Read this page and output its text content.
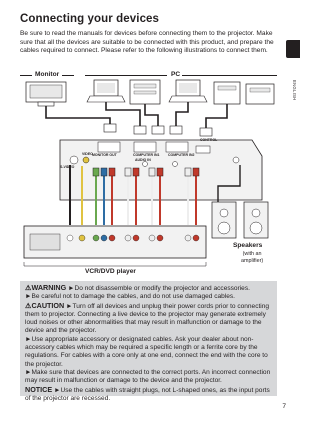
Connecting your devices

Be sure to read the manuals for devices before connecting them to the projector. Make sure that all the devices are suitable to be connected with this product, and prepare the cables required to connect. Please refer to the following illustrations to connect them.

ENGLISH
Monitor	PC
MONITOR OUT	COMPUTER IN1 COMPUTER IN2
CONTROL
S-VIDEO
VIDEO
AUDIO IN
Speakers
(with an
amplifier)
VCR/DVD player

⚠WARNING ►Do not disassemble or modify the projector and accessories.

►Be careful not to damage the cables, and do not use damaged cables.

⚠CAUTION ►Turn off all devices and unplug their power cords prior to connecting them to projector. Connecting a live device to the projector may generate extremely loud noises or other abnormalities that may result in malfunction or damage to the device and the projector.

►Use appropriate accessory or designated cables. Ask your dealer about non-accessory cables which may be required a specific length or a ferrite core by the regulations. For cables with a core only at one end, connect the end with the core to the projector.

►Make sure that devices are connected to the correct ports. An incorrect connection may result in malfunction or damage to the device and the projector.

NOTICE ►Use the cables with straight plugs, not L-shaped ones, as the input ports of the projector are recessed.

7
